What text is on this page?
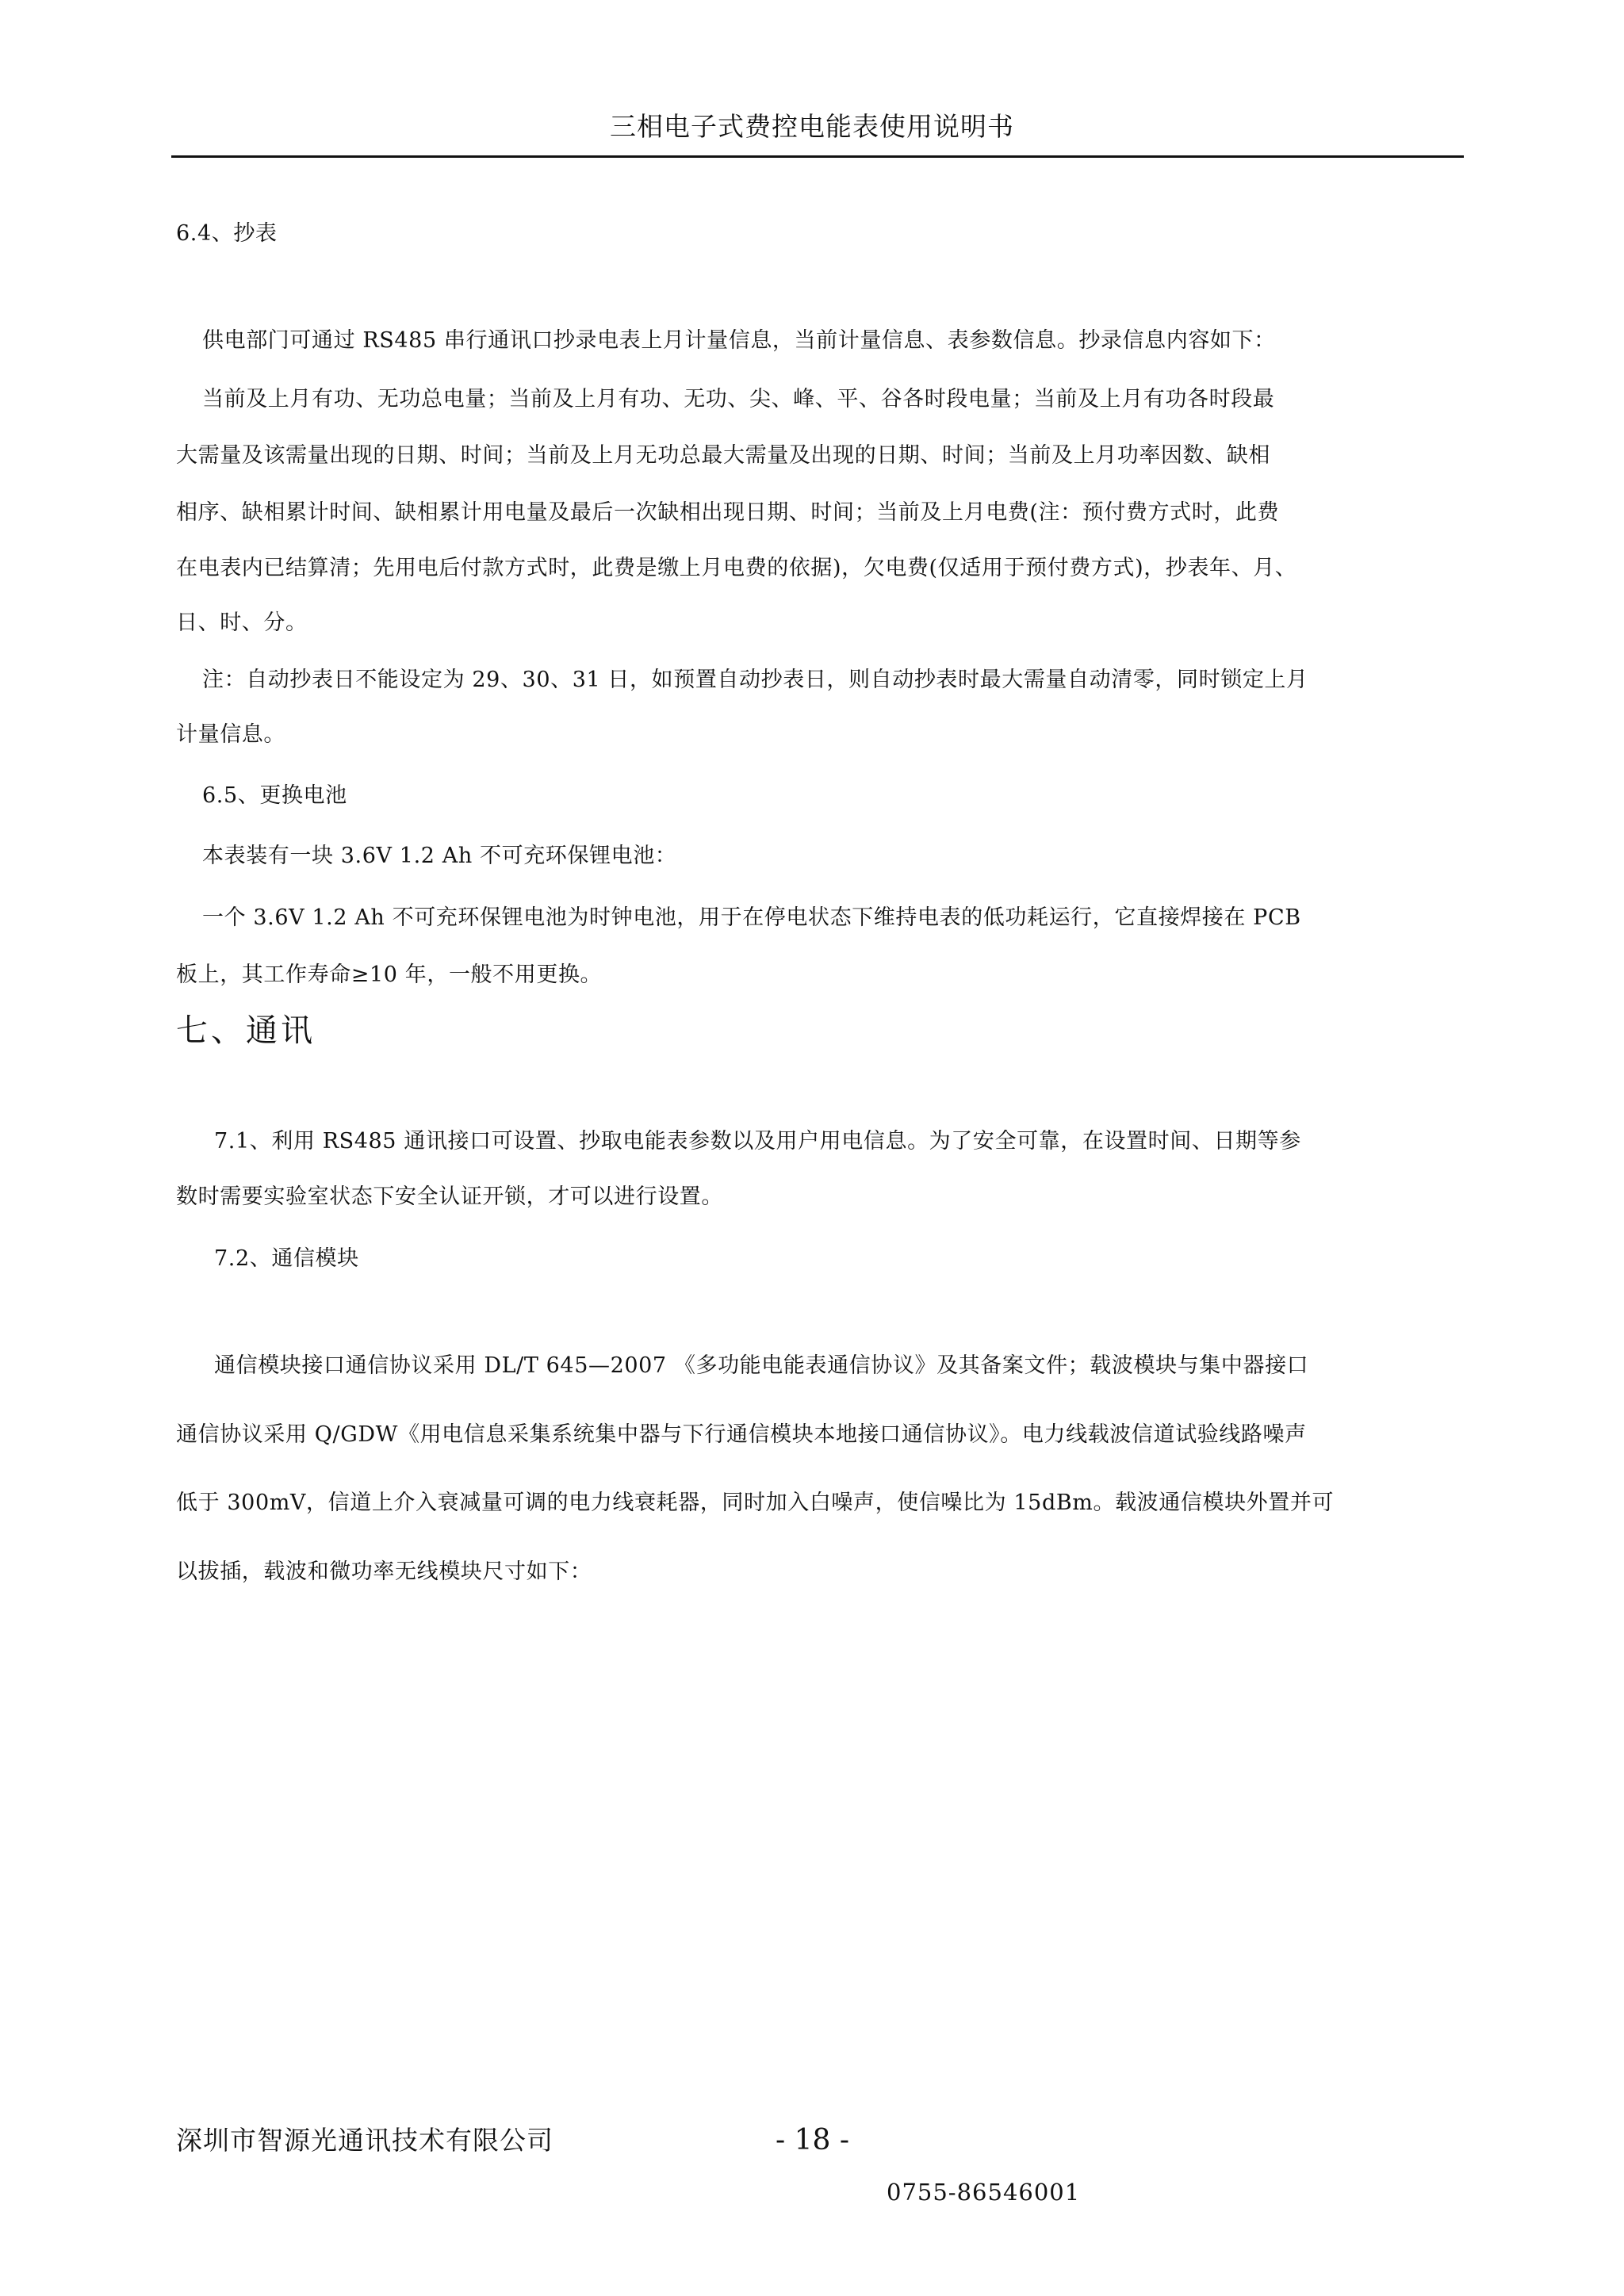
三相电子式费控电能表使用说明书
6.4、抄表
供电部门可通过 RS485 串行通讯口抄录电表上月计量信息，当前计量信息、表参数信息。抄录信息内容如下：
当前及上月有功、无功总电量；当前及上月有功、无功、尖、峰、平、谷各时段电量；当前及上月有功各时段最
大需量及该需量出现的日期、时间；当前及上月无功总最大需量及出现的日期、时间；当前及上月功率因数、缺相
相序、缺相累计时间、缺相累计用电量及最后一次缺相出现日期、时间；当前及上月电费(注：预付费方式时，此费
在电表内已结算清；先用电后付款方式时，此费是缴上月电费的依据)，欠电费(仅适用于预付费方式)，抄表年、月、
日、时、分。
注：自动抄表日不能设定为 29、30、31 日，如预置自动抄表日，则自动抄表时最大需量自动清零，同时锁定上月
计量信息。
6.5、更换电池
本表装有一块 3.6V 1.2 Ah 不可充环保锂电池：
一个 3.6V 1.2 Ah 不可充环保锂电池为时钟电池，用于在停电状态下维持电表的低功耗运行，它直接焊接在 PCB
板上，其工作寿命≥10 年，一般不用更换。
七、通讯
7.1、利用 RS485 通讯接口可设置、抄取电能表参数以及用户用电信息。为了安全可靠，在设置时间、日期等参
数时需要实验室状态下安全认证开锁，才可以进行设置。
7.2、通信模块
通信模块接口通信协议采用 DL/T 645—2007 《多功能电能表通信协议》及其备案文件；载波模块与集中器接口
通信协议采用 Q/GDW《用电信息采集系统集中器与下行通信模块本地接口通信协议》。电力线载波信道试验线路噪声
低于 300mV，信道上介入衰减量可调的电力线衰耗器，同时加入白噪声，使信噪比为 15dBm。载波通信模块外置并可
以拔插，载波和微功率无线模块尺寸如下：
深圳市智源光通讯技术有限公司	- 18 -
0755-86546001
